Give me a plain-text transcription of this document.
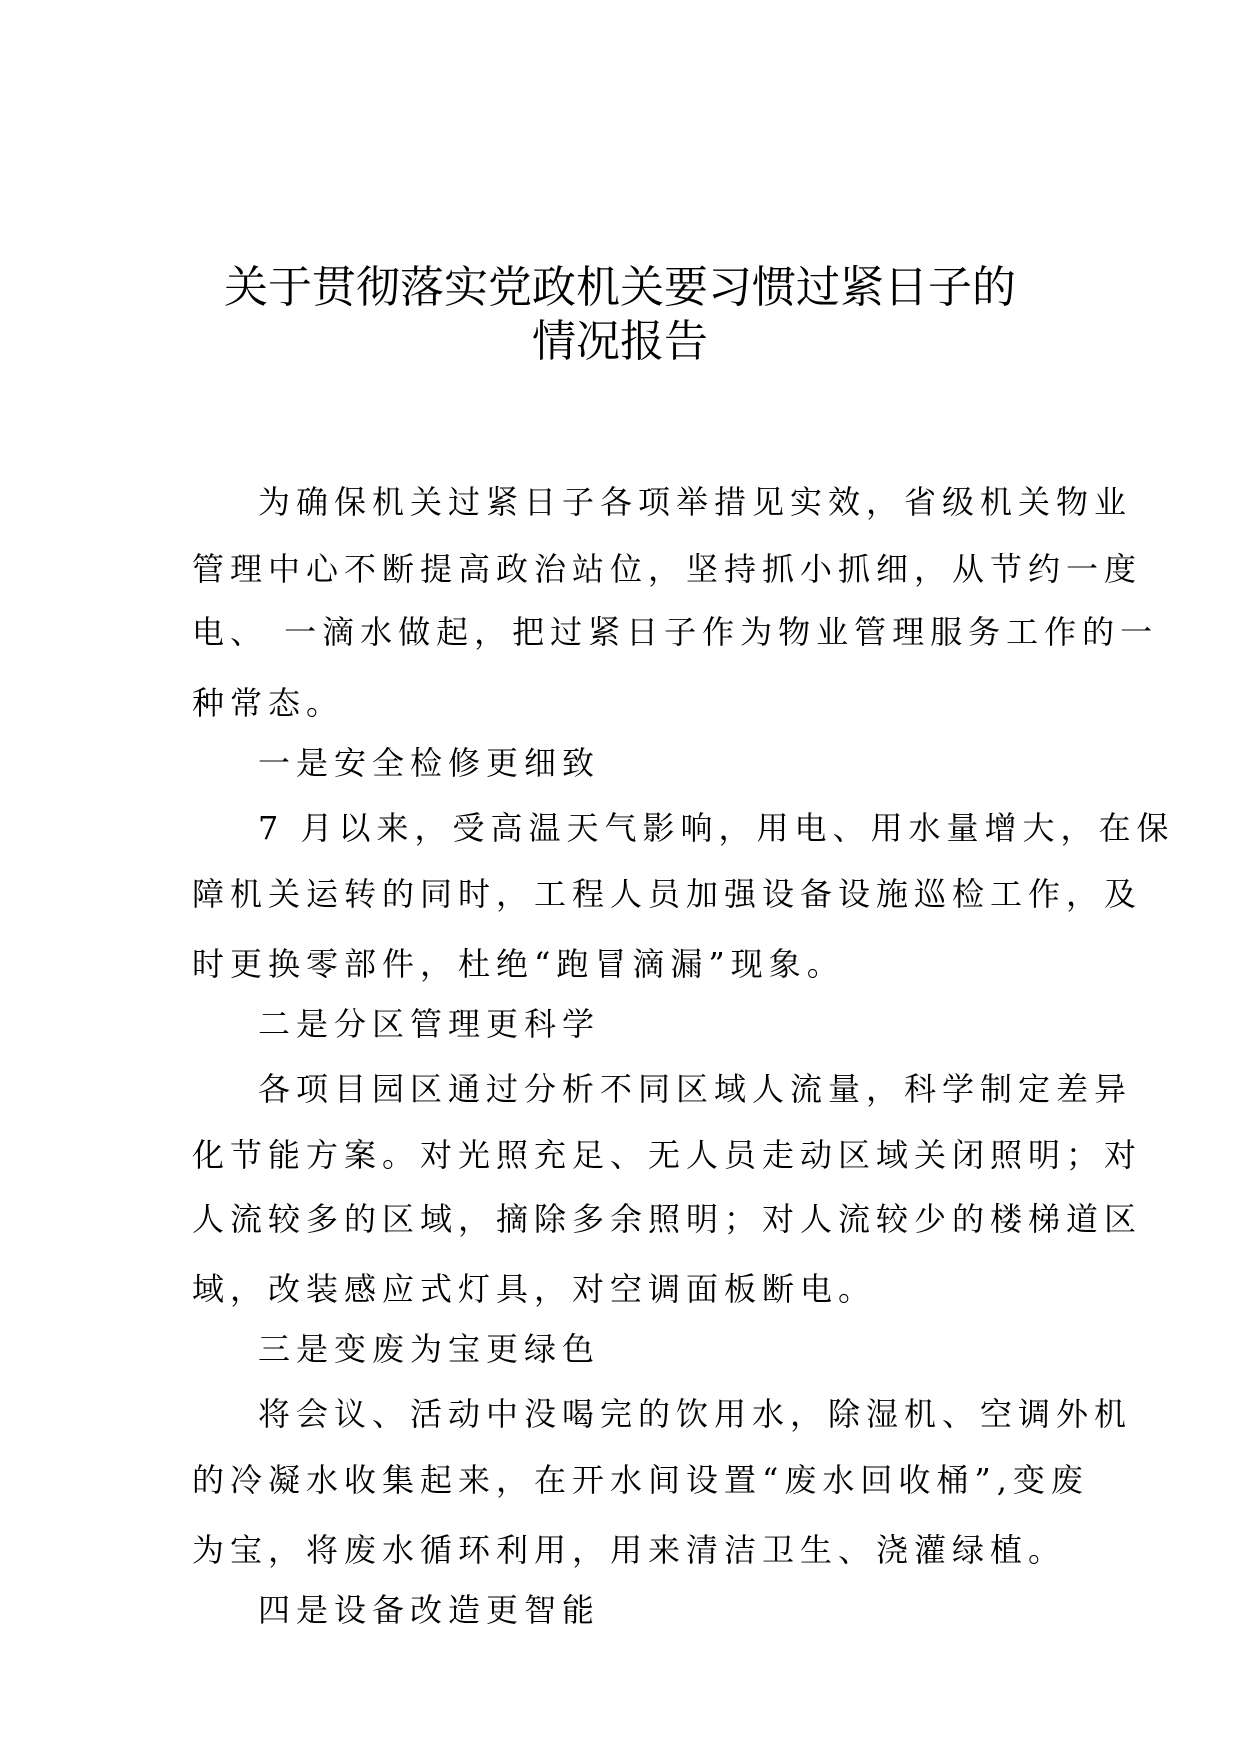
关于贯彻落实党政机关要习惯过紧日子的
情况报告

为确保机关过紧日子各项举措见实效，省级机关物业

管理中心不断提高政治站位，坚持抓小抓细，从节约一度

电、 一滴水做起，把过紧日子作为物业管理服务工作的一

种常态。

一是安全检修更细致

7 月以来，受高温天气影响，用电、用水量增大，在保

障机关运转的同时，工程人员加强设备设施巡检工作，及

时更换零部件，杜绝“跑冒滴漏”现象。

二是分区管理更科学

各项目园区通过分析不同区域人流量，科学制定差异

化节能方案。对光照充足、无人员走动区域关闭照明；对

人流较多的区域，摘除多余照明；对人流较少的楼梯道区

域，改装感应式灯具，对空调面板断电。

三是变废为宝更绿色

将会议、活动中没喝完的饮用水，除湿机、空调外机

的冷凝水收集起来，在开水间设置“废水回收桶”,变废

为宝，将废水循环利用，用来清洁卫生、浇灌绿植。

四是设备改造更智能
